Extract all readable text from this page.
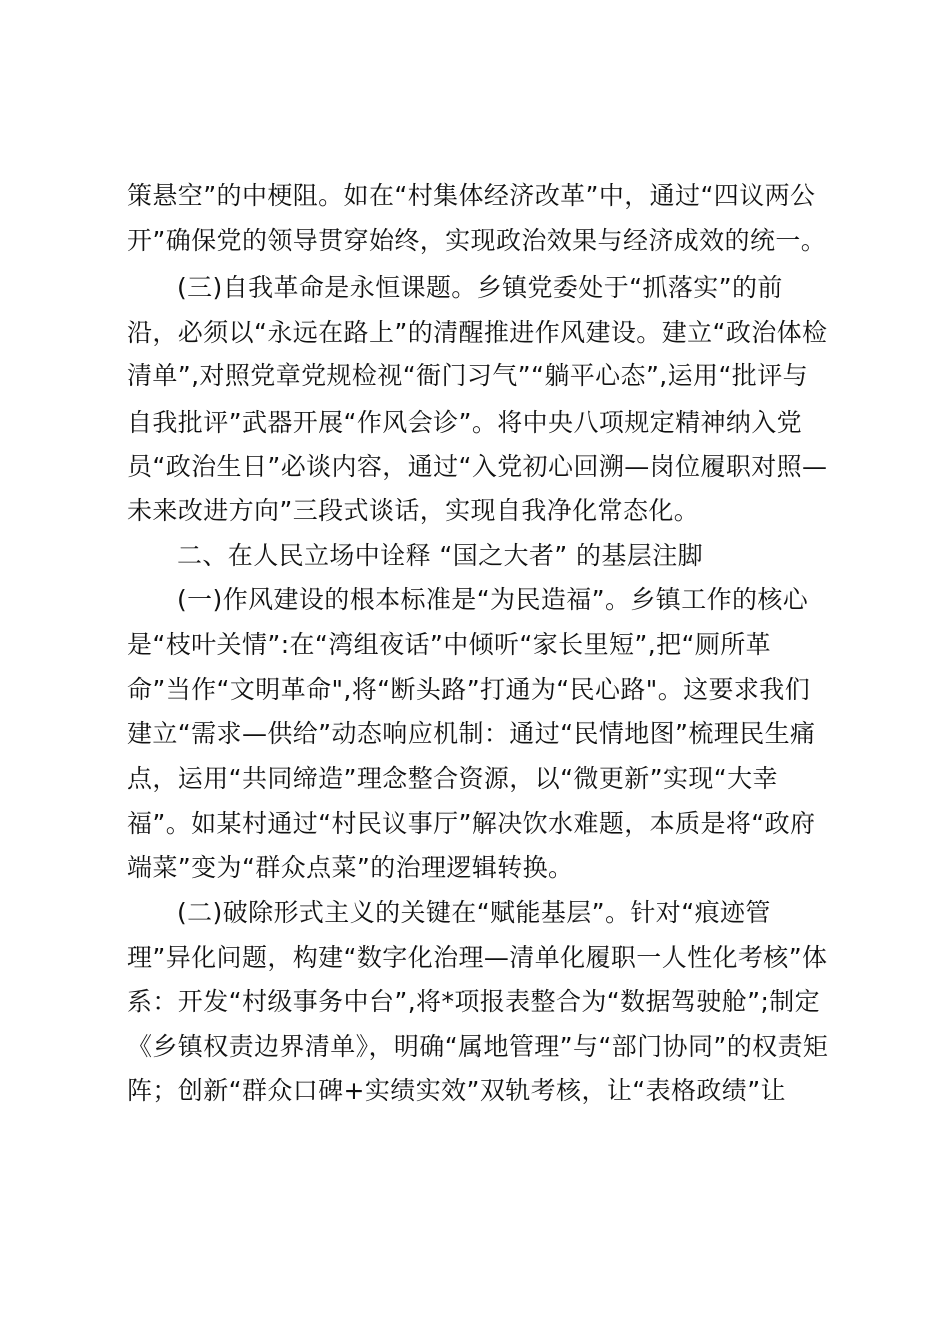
策悬空”的中梗阻。如在“村集体经济改革”中，通过“四议两公
开”确保党的领导贯穿始终，实现政治效果与经济成效的统一。
(三)自我革命是永恒课题。乡镇党委处于“抓落实”的前
沿，必须以“永远在路上”的清醒推进作风建设。建立“政治体检
清单”,对照党章党规检视“衙门习气”“躺平心态”,运用“批评与
自我批评”武器开展“作风会诊”。将中央八项规定精神纳入党
员“政治生日”必谈内容，通过“入党初心回溯—岗位履职对照—
未来改进方向”三段式谈话，实现自我净化常态化。
二、在人民立场中诠释 “国之大者” 的基层注脚
(一)作风建设的根本标准是“为民造福”。乡镇工作的核心
是“枝叶关情”:在“湾组夜话”中倾听“家长里短”,把“厕所革
命”当作“文明革命",将“断头路”打通为“民心路"。这要求我们
建立“需求—供给”动态响应机制：通过“民情地图”梳理民生痛
点，运用“共同缔造”理念整合资源，以“微更新”实现“大幸
福”。如某村通过“村民议事厅”解决饮水难题，本质是将“政府
端菜”变为“群众点菜”的治理逻辑转换。
(二)破除形式主义的关键在“赋能基层”。针对“痕迹管
理”异化问题，构建“数字化治理—清单化履职一人性化考核”体
系：开发“村级事务中台”,将*项报表整合为“数据驾驶舱”;制定
《乡镇权责边界清单》，明确“属地管理”与“部门协同”的权责矩
阵；创新“群众口碑+实绩实效”双轨考核，让“表格政绩”让
